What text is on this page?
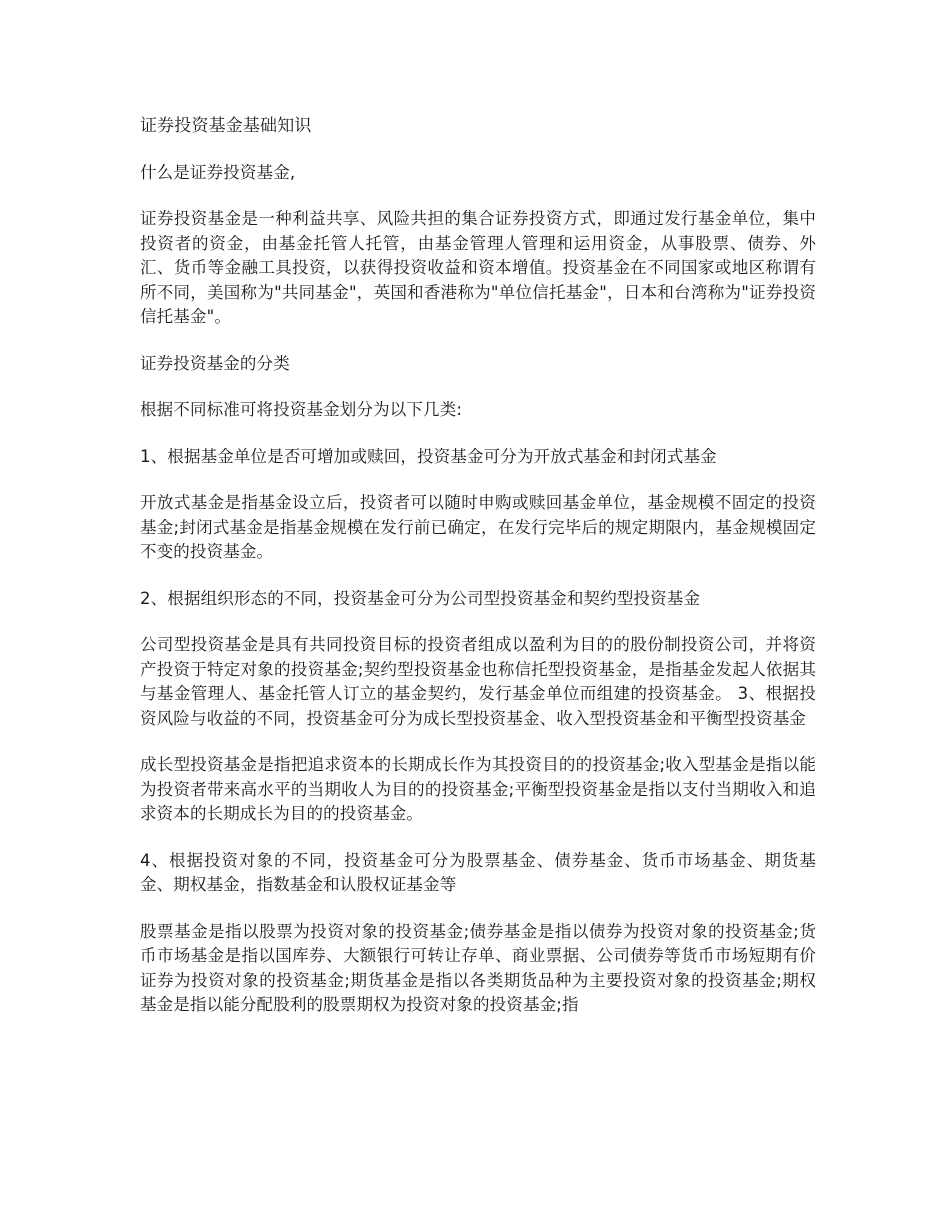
证券投资基金基础知识

什么是证券投资基金,

证券投资基金是一种利益共享、风险共担的集合证券投资方式，即通过发行基金单位，集中投资者的资金，由基金托管人托管，由基金管理人管理和运用资金，从事股票、债券、外汇、货币等金融工具投资，以获得投资收益和资本增值。投资基金在不同国家或地区称谓有所不同，美国称为"共同基金"，英国和香港称为"单位信托基金"，日本和台湾称为"证券投资信托基金"。

证券投资基金的分类

根据不同标准可将投资基金划分为以下几类:

1、根据基金单位是否可增加或赎回，投资基金可分为开放式基金和封闭式基金

开放式基金是指基金设立后，投资者可以随时申购或赎回基金单位，基金规模不固定的投资基金;封闭式基金是指基金规模在发行前已确定，在发行完毕后的规定期限内，基金规模固定不变的投资基金。

2、根据组织形态的不同，投资基金可分为公司型投资基金和契约型投资基金

公司型投资基金是具有共同投资目标的投资者组成以盈利为目的的股份制投资公司，并将资产投资于特定对象的投资基金;契约型投资基金也称信托型投资基金，是指基金发起人依据其与基金管理人、基金托管人订立的基金契约，发行基金单位而组建的投资基金。 3、根据投资风险与收益的不同，投资基金可分为成长型投资基金、收入型投资基金和平衡型投资基金

成长型投资基金是指把追求资本的长期成长作为其投资目的的投资基金;收入型基金是指以能为投资者带来高水平的当期收人为目的的投资基金;平衡型投资基金是指以支付当期收入和追求资本的长期成长为目的的投资基金。

4、根据投资对象的不同，投资基金可分为股票基金、债券基金、货币市场基金、期货基金、期权基金，指数基金和认股权证基金等

股票基金是指以股票为投资对象的投资基金;债券基金是指以债券为投资对象的投资基金;货币市场基金是指以国库券、大额银行可转让存单、商业票据、公司债券等货币市场短期有价证券为投资对象的投资基金;期货基金是指以各类期货品种为主要投资对象的投资基金;期权基金是指以能分配股利的股票期权为投资对象的投资基金;指
